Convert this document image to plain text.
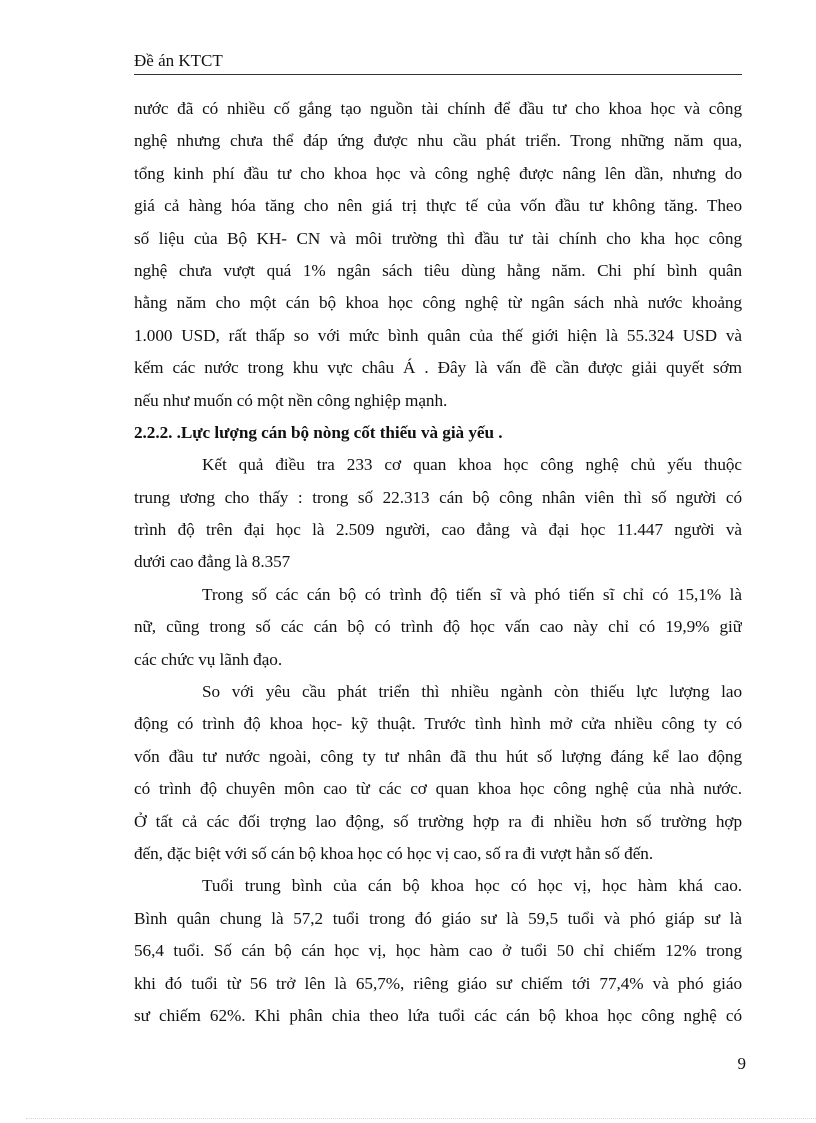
Đề án KTCT
nước đã có nhiều cố gắng tạo nguồn tài chính để đầu tư cho khoa học và công
nghệ nhưng chưa thể đáp ứng được nhu cầu phát triển. Trong những năm qua,
tổng kinh phí đầu tư cho khoa học và công nghệ được nâng lên dần, nhưng do
giá cả hàng hóa tăng cho nên giá trị thực tế của vốn đầu tư không tăng. Theo
số liệu của Bộ KH- CN và môi trường thì đầu tư tài chính cho kha học công
nghệ chưa vượt quá 1% ngân sách tiêu dùng hằng năm. Chi phí bình quân
hằng năm cho một cán bộ khoa học công nghệ từ ngân sách nhà nước khoảng
1.000 USD, rất thấp so với mức bình quân của thế giới hiện là 55.324 USD và
kếm các nước trong khu vực châu Á . Đây là vấn đề cần được giải quyết sớm
nếu như muốn có một nền công nghiệp mạnh.
2.2.2. .Lực lượng cán bộ nòng cốt thiếu và già yếu .
Kết quả điều tra 233 cơ quan khoa học công nghệ chủ yếu thuộc
trung ương cho thấy : trong số 22.313 cán bộ công nhân viên thì số người có
trình độ trên đại học là 2.509 người, cao đẳng và đại học 11.447 người và
dưới cao đẳng là 8.357
Trong số các cán bộ có trình độ tiến sĩ và phó tiến sĩ chỉ có 15,1% là
nữ, cũng trong số các cán bộ có trình độ học vấn cao này chỉ có 19,9% giữ
các chức vụ lãnh đạo.
So với yêu cầu phát triển thì nhiều ngành còn thiếu lực lượng lao
động có trình độ khoa học- kỹ thuật. Trước tình hình mở cửa nhiều công ty có
vốn đầu tư nước ngoài, công ty tư nhân đã thu hút số lượng đáng kể lao động
có trình độ chuyên môn cao từ các cơ quan khoa học công nghệ của nhà nước.
Ở tất cả các đối trợng lao động, số trường hợp ra đi nhiều hơn số trường hợp
đến, đặc biệt với số cán bộ khoa học có học vị cao, số ra đi vượt hẳn số đến.
Tuổi trung bình của cán bộ khoa học có học vị, học hàm khá cao.
Bình quân chung là 57,2 tuổi trong đó giáo sư là 59,5 tuổi và phó giáp sư là
56,4 tuổi. Số cán bộ cán học vị, học hàm cao ở tuổi 50 chỉ chiếm 12% trong
khi đó tuổi từ 56 trở lên là 65,7%, riêng giáo sư chiếm tới 77,4% và phó giáo
sư chiếm 62%. Khi phân chia theo lứa tuổi các cán bộ khoa học công nghệ có
9
